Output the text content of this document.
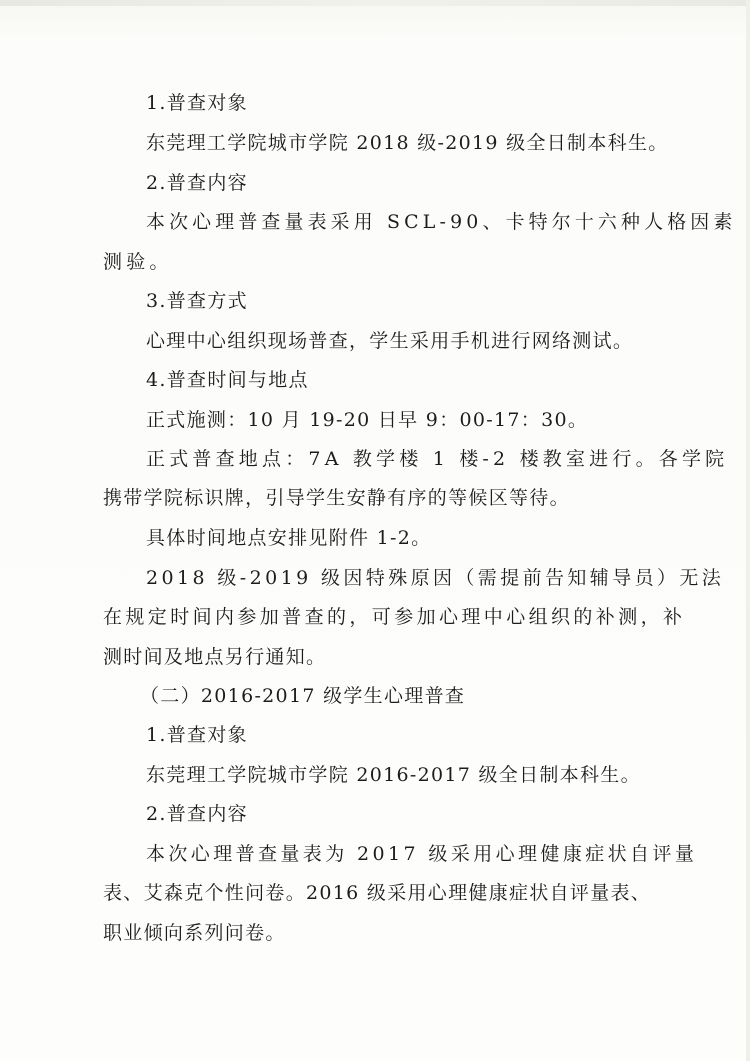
1.普查对象
东莞理工学院城市学院 2018 级-2019 级全日制本科生。
2.普查内容
本次心理普查量表采用 SCL-90、卡特尔十六种人格因素
测验。
3.普查方式
心理中心组织现场普查，学生采用手机进行网络测试。
4.普查时间与地点
正式施测：10 月 19-20 日早 9：00-17：30。
正式普查地点：7A 教学楼 1 楼-2 楼教室进行。各学院
携带学院标识牌，引导学生安静有序的等候区等待。
具体时间地点安排见附件 1-2。
2018 级-2019 级因特殊原因（需提前告知辅导员）无法
在规定时间内参加普查的，可参加心理中心组织的补测，补
测时间及地点另行通知。
（二）2016-2017 级学生心理普查
1.普查对象
东莞理工学院城市学院 2016-2017 级全日制本科生。
2.普查内容
本次心理普查量表为 2017 级采用心理健康症状自评量
表、艾森克个性问卷。2016 级采用心理健康症状自评量表、
职业倾向系列问卷。
